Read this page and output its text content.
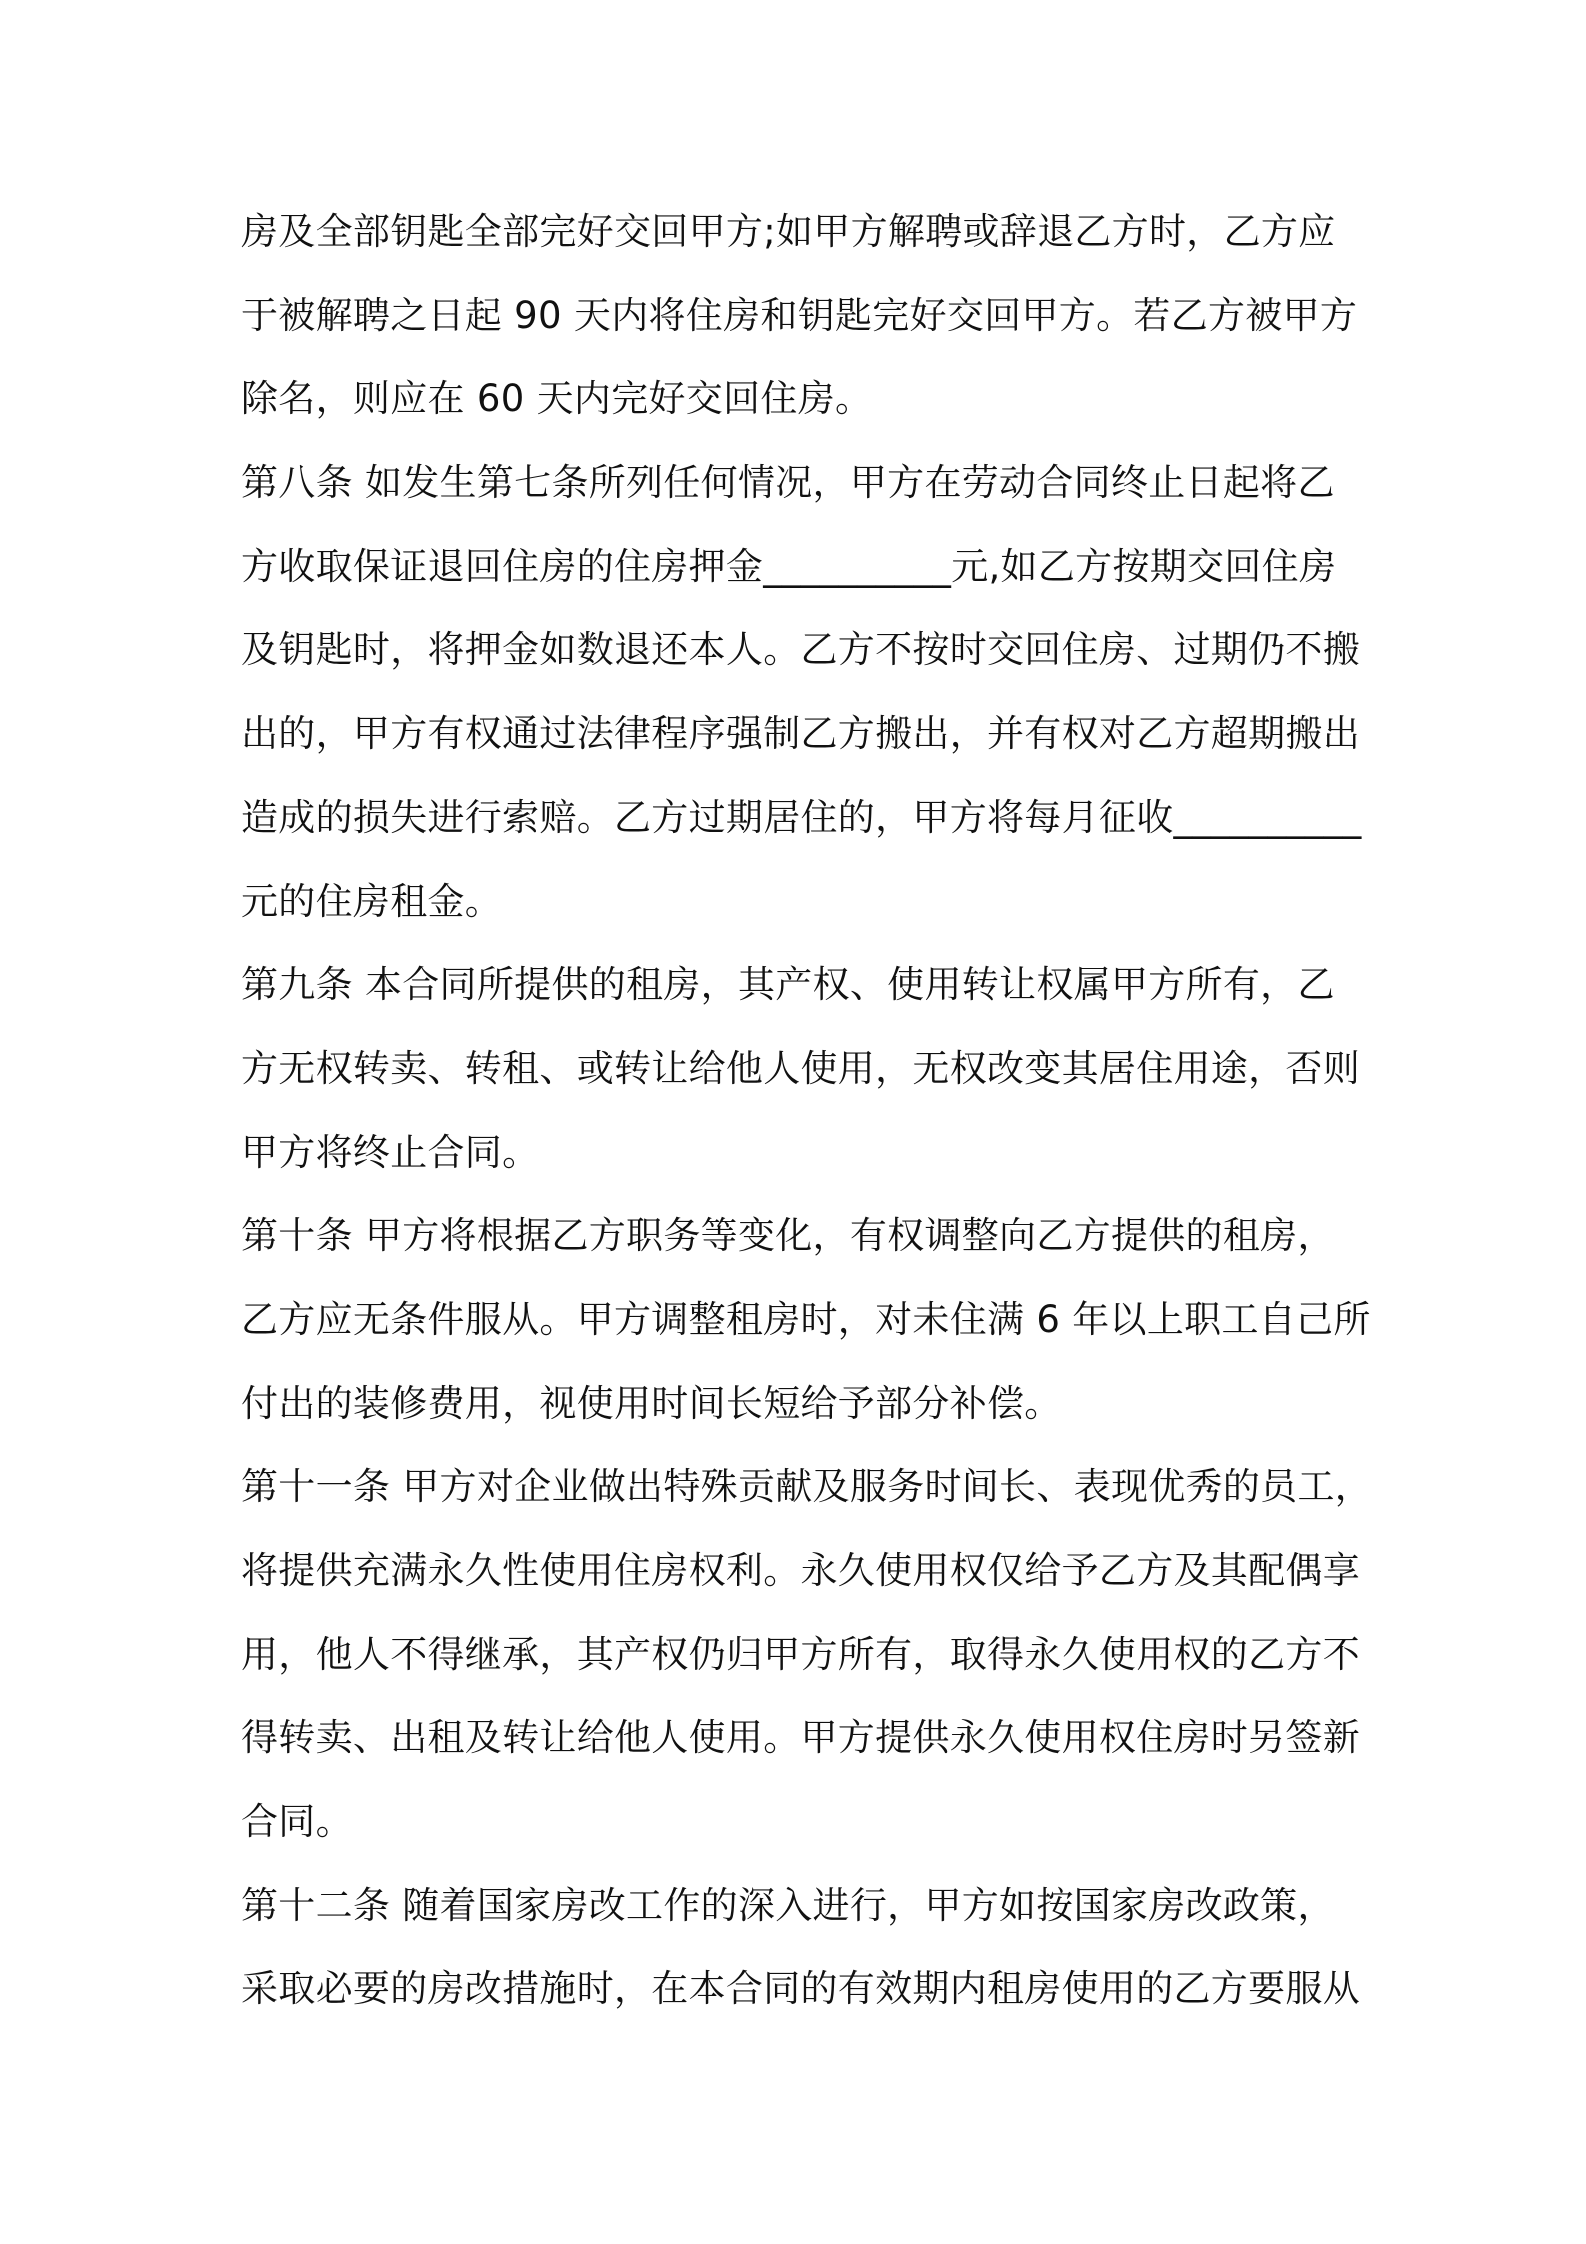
房及全部钥匙全部完好交回甲方;如甲方解聘或辞退乙方时，乙方应
于被解聘之日起 90 天内将住房和钥匙完好交回甲方。若乙方被甲方
除名，则应在 60 天内完好交回住房。
第八条 如发生第七条所列任何情况，甲方在劳动合同终止日起将乙
方收取保证退回住房的住房押金__________元,如乙方按期交回住房
及钥匙时，将押金如数退还本人。乙方不按时交回住房、过期仍不搬
出的，甲方有权通过法律程序强制乙方搬出，并有权对乙方超期搬出
造成的损失进行索赔。乙方过期居住的，甲方将每月征收__________
元的住房租金。
第九条 本合同所提供的租房，其产权、使用转让权属甲方所有，乙
方无权转卖、转租、或转让给他人使用，无权改变其居住用途，否则
甲方将终止合同。
第十条 甲方将根据乙方职务等变化，有权调整向乙方提供的租房，
乙方应无条件服从。甲方调整租房时，对未住满 6 年以上职工自己所
付出的装修费用，视使用时间长短给予部分补偿。
第十一条 甲方对企业做出特殊贡献及服务时间长、表现优秀的员工，
将提供充满永久性使用住房权利。永久使用权仅给予乙方及其配偶享
用，他人不得继承，其产权仍归甲方所有，取得永久使用权的乙方不
得转卖、出租及转让给他人使用。甲方提供永久使用权住房时另签新
合同。
第十二条 随着国家房改工作的深入进行，甲方如按国家房改政策，
采取必要的房改措施时，在本合同的有效期内租房使用的乙方要服从
